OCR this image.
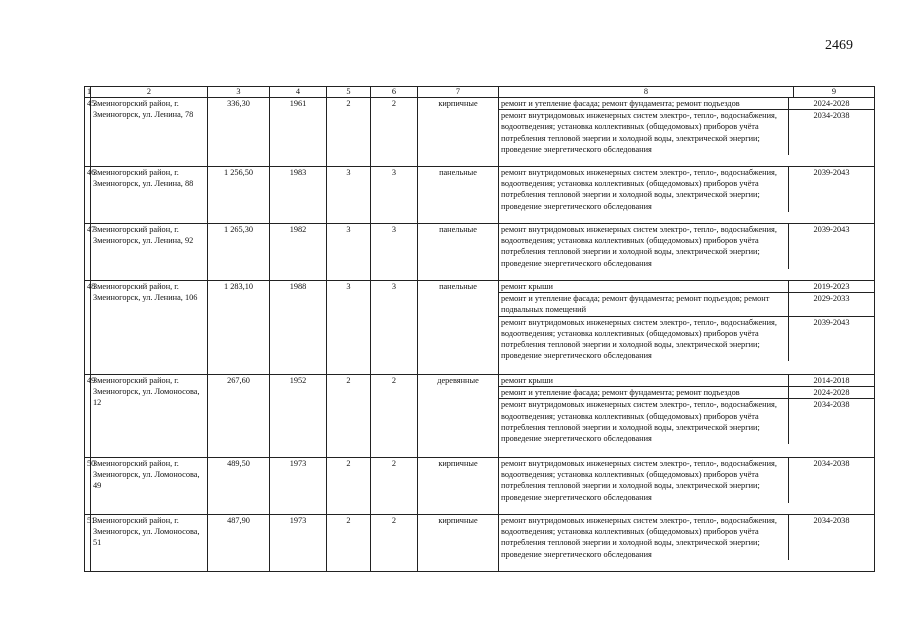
2469
1	2	3	4	5	6	7	8	9
45	Змеиногорский район, г. Змеиногорск, ул. Ленина, 78	336,30	1961	2	2	кирпичные		ремонт и утепление фасада; ремонт фундамента; ремонт подъездов	2024-2028
ремонт внутридомовых инженерных систем электро-, тепло-, водоснабжения, водоотведения; установка коллективных (общедомовых) приборов учёта потребления тепловой энергии и холодной воды, электрической энергии; проведение энергетического обследования	2034-2038

46	Змеиногорский район, г. Змеиногорск, ул. Ленина, 88	1 256,50	1983	3	3	панельные		ремонт внутридомовых инженерных систем электро-, тепло-, водоснабжения, водоотведения; установка коллективных (общедомовых) приборов учёта потребления тепловой энергии и холодной воды, электрической энергии; проведение энергетического обследования	2039-2043

47	Змеиногорский район, г. Змеиногорск, ул. Ленина, 92	1 265,30	1982	3	3	панельные		ремонт внутридомовых инженерных систем электро-, тепло-, водоснабжения, водоотведения; установка коллективных (общедомовых) приборов учёта потребления тепловой энергии и холодной воды, электрической энергии; проведение энергетического обследования	2039-2043

48	Змеиногорский район, г. Змеиногорск, ул. Ленина, 106	1 283,10	1988	3	3	панельные		ремонт крыши	2019-2023
ремонт и утепление фасада; ремонт фундамента; ремонт подъездов; ремонт подвальных помещений	2029-2033
ремонт внутридомовых инженерных систем электро-, тепло-, водоснабжения, водоотведения; установка коллективных (общедомовых) приборов учёта потребления тепловой энергии и холодной воды, электрической энергии; проведение энергетического обследования	2039-2043

49	Змеиногорский район, г. Змеиногорск, ул. Ломоносова, 12	267,60	1952	2	2	деревянные		ремонт крыши	2014-2018
ремонт и утепление фасада; ремонт фундамента; ремонт подъездов	2024-2028
ремонт внутридомовых инженерных систем электро-, тепло-, водоснабжения, водоотведения; установка коллективных (общедомовых) приборов учёта потребления тепловой энергии и холодной воды, электрической энергии; проведение энергетического обследования	2034-2038

50	Змеиногорский район, г. Змеиногорск, ул. Ломоносова, 49	489,50	1973	2	2	кирпичные		ремонт внутридомовых инженерных систем электро-, тепло-, водоснабжения, водоотведения; установка коллективных (общедомовых) приборов учёта потребления тепловой энергии и холодной воды, электрической энергии; проведение энергетического обследования	2034-2038

51	Змеиногорский район, г. Змеиногорск, ул. Ломоносова, 51	487,90	1973	2	2	кирпичные		ремонт внутридомовых инженерных систем электро-, тепло-, водоснабжения, водоотведения; установка коллективных (общедомовых) приборов учёта потребления тепловой энергии и холодной воды, электрической энергии; проведение энергетического обследования	2034-2038
